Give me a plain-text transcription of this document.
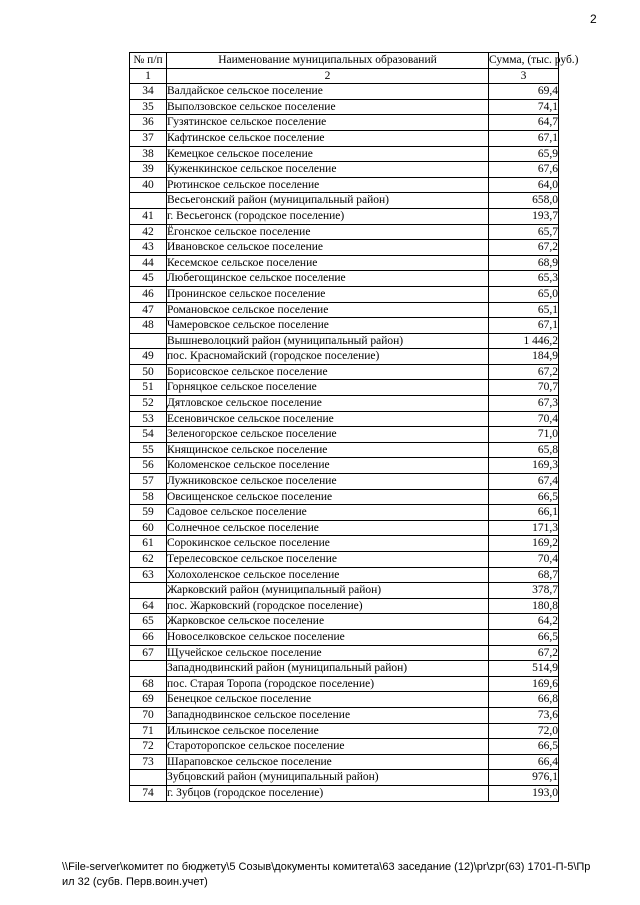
2
№ п/п	Наименование муниципальных образований	Сумма, (тыс. руб.)
1	2	3
34	Валдайское сельское поселение	69,4
35	Выползовское сельское поселение	74,1
36	Гузятинское сельское поселение	64,7
37	Кафтинское сельское поселение	67,1
38	Кемецкое сельское поселение	65,9
39	Куженкинское сельское поселение	67,6
40	Рютинское сельское поселение	64,0
	Весьегонский район (муниципальный район)	658,0
41	г. Весьегонск (городское поселение)	193,7
42	Ёгонское сельское поселение	65,7
43	Ивановское сельское поселение	67,2
44	Кесемское сельское поселение	68,9
45	Любегощинское сельское поселение	65,3
46	Пронинское сельское поселение	65,0
47	Романовское сельское поселение	65,1
48	Чамеровское сельское поселение	67,1
	Вышневолоцкий район (муниципальный район)	1 446,2
49	пос. Красномайский (городское поселение)	184,9
50	Борисовское сельское поселение	67,2
51	Горняцкое сельское поселение	70,7
52	Дятловское сельское поселение	67,3
53	Есеновичское сельское поселение	70,4
54	Зеленогорское сельское поселение	71,0
55	Княщинское сельское поселение	65,8
56	Коломенское сельское поселение	169,3
57	Лужниковское сельское поселение	67,4
58	Овсищенское сельское поселение	66,5
59	Садовое сельское поселение	66,1
60	Солнечное сельское поселение	171,3
61	Сорокинское сельское поселение	169,2
62	Терелесовское сельское поселение	70,4
63	Холохоленское сельское поселение	68,7
	Жарковский район (муниципальный район)	378,7
64	пос. Жарковский (городское поселение)	180,8
65	Жарковское сельское поселение	64,2
66	Новоселковское сельское поселение	66,5
67	Щучейское сельское поселение	67,2
	Западнодвинский район (муниципальный район)	514,9
68	пос. Старая Торопа (городское поселение)	169,6
69	Бенецкое сельское поселение	66,8
70	Западнодвинское сельское поселение	73,6
71	Ильинское сельское поселение	72,0
72	Староторопское сельское поселение	66,5
73	Шараповское сельское поселение	66,4
	Зубцовский район (муниципальный район)	976,1
74	г. Зубцов (городское поселение)	193,0
\\File-server\комитет по бюджету\5 Созыв\документы комитета\63 заседание (12)\pr\zpr(63) 1701-П-5\Прил 32 (субв. Перв.воин.учет)
